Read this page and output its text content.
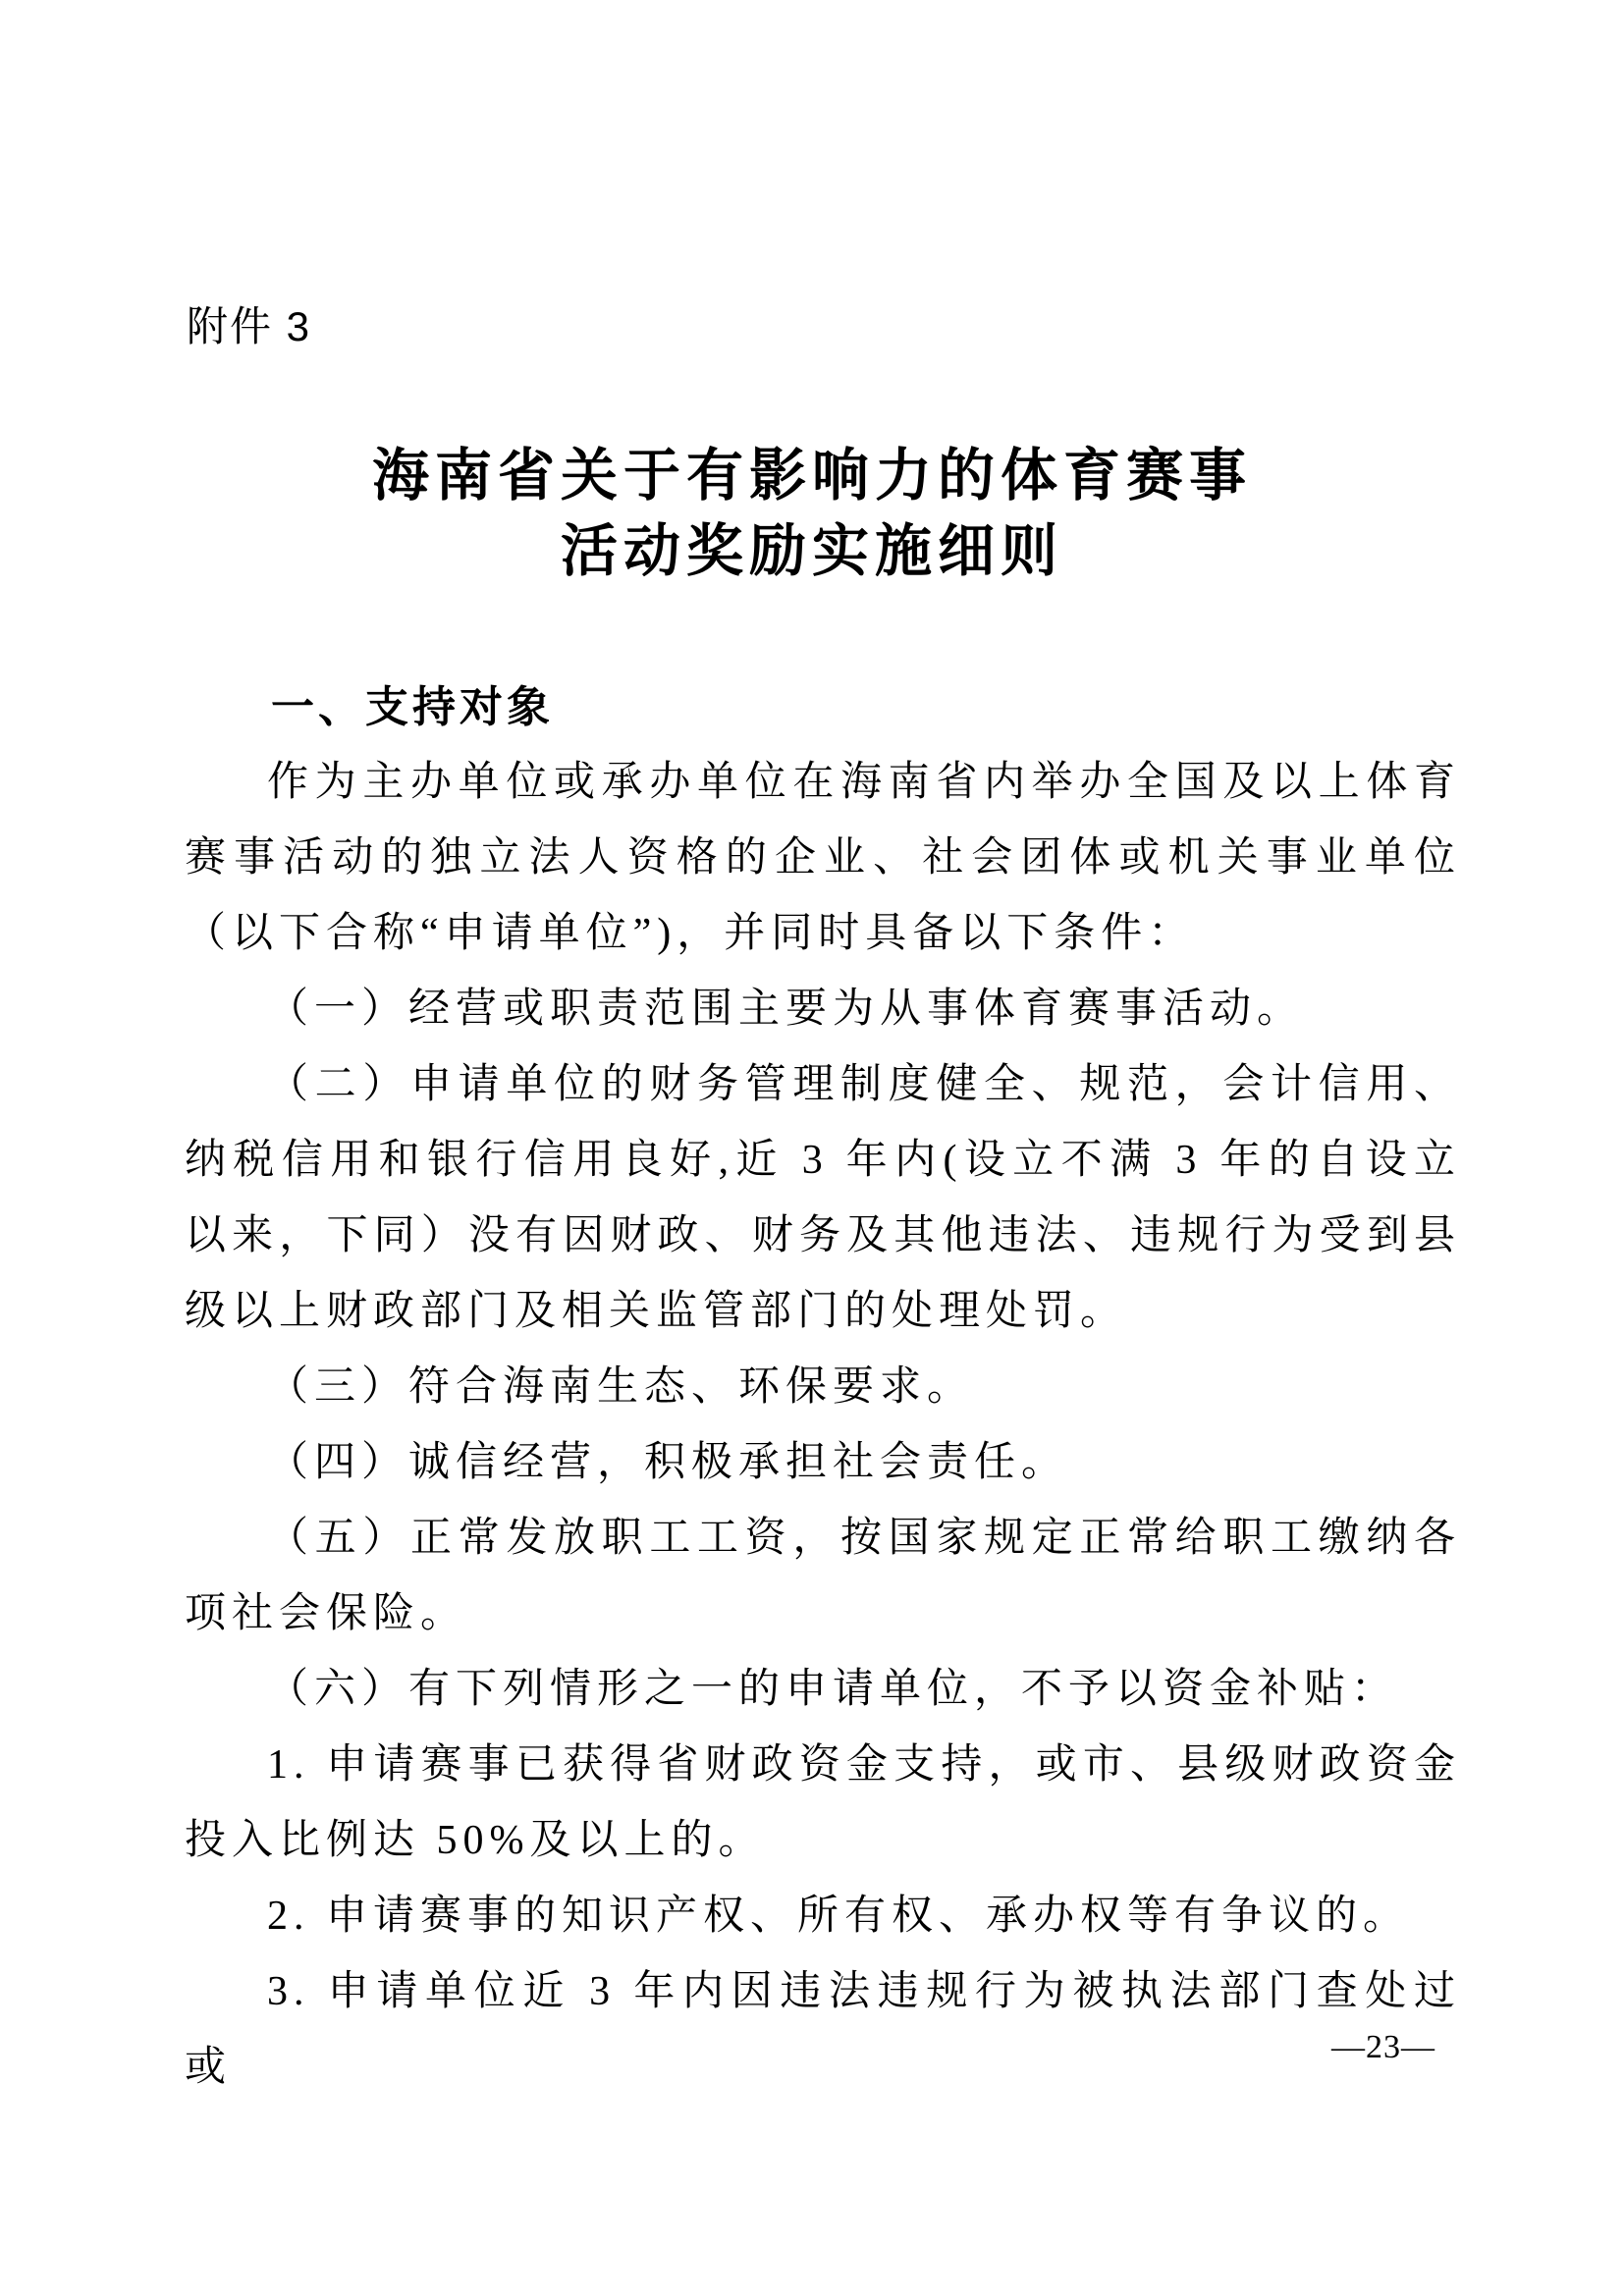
附件 3
海南省关于有影响力的体育赛事
活动奖励实施细则
一、支持对象

作为主办单位或承办单位在海南省内举办全国及以上体育赛事活动的独立法人资格的企业、社会团体或机关事业单位（以下合称“申请单位”)，并同时具备以下条件：

（一）经营或职责范围主要为从事体育赛事活动。

（二）申请单位的财务管理制度健全、规范，会计信用、纳税信用和银行信用良好,近 3 年内(设立不满 3 年的自设立以来，下同）没有因财政、财务及其他违法、违规行为受到县级以上财政部门及相关监管部门的处理处罚。

（三）符合海南生态、环保要求。

（四）诚信经营，积极承担社会责任。

（五）正常发放职工工资，按国家规定正常给职工缴纳各项社会保险。

（六）有下列情形之一的申请单位，不予以资金补贴：

1. 申请赛事已获得省财政资金支持，或市、县级财政资金投入比例达 50%及以上的。

2. 申请赛事的知识产权、所有权、承办权等有争议的。

3. 申请单位近 3 年内因违法违规行为被执法部门查处过或	—23—
